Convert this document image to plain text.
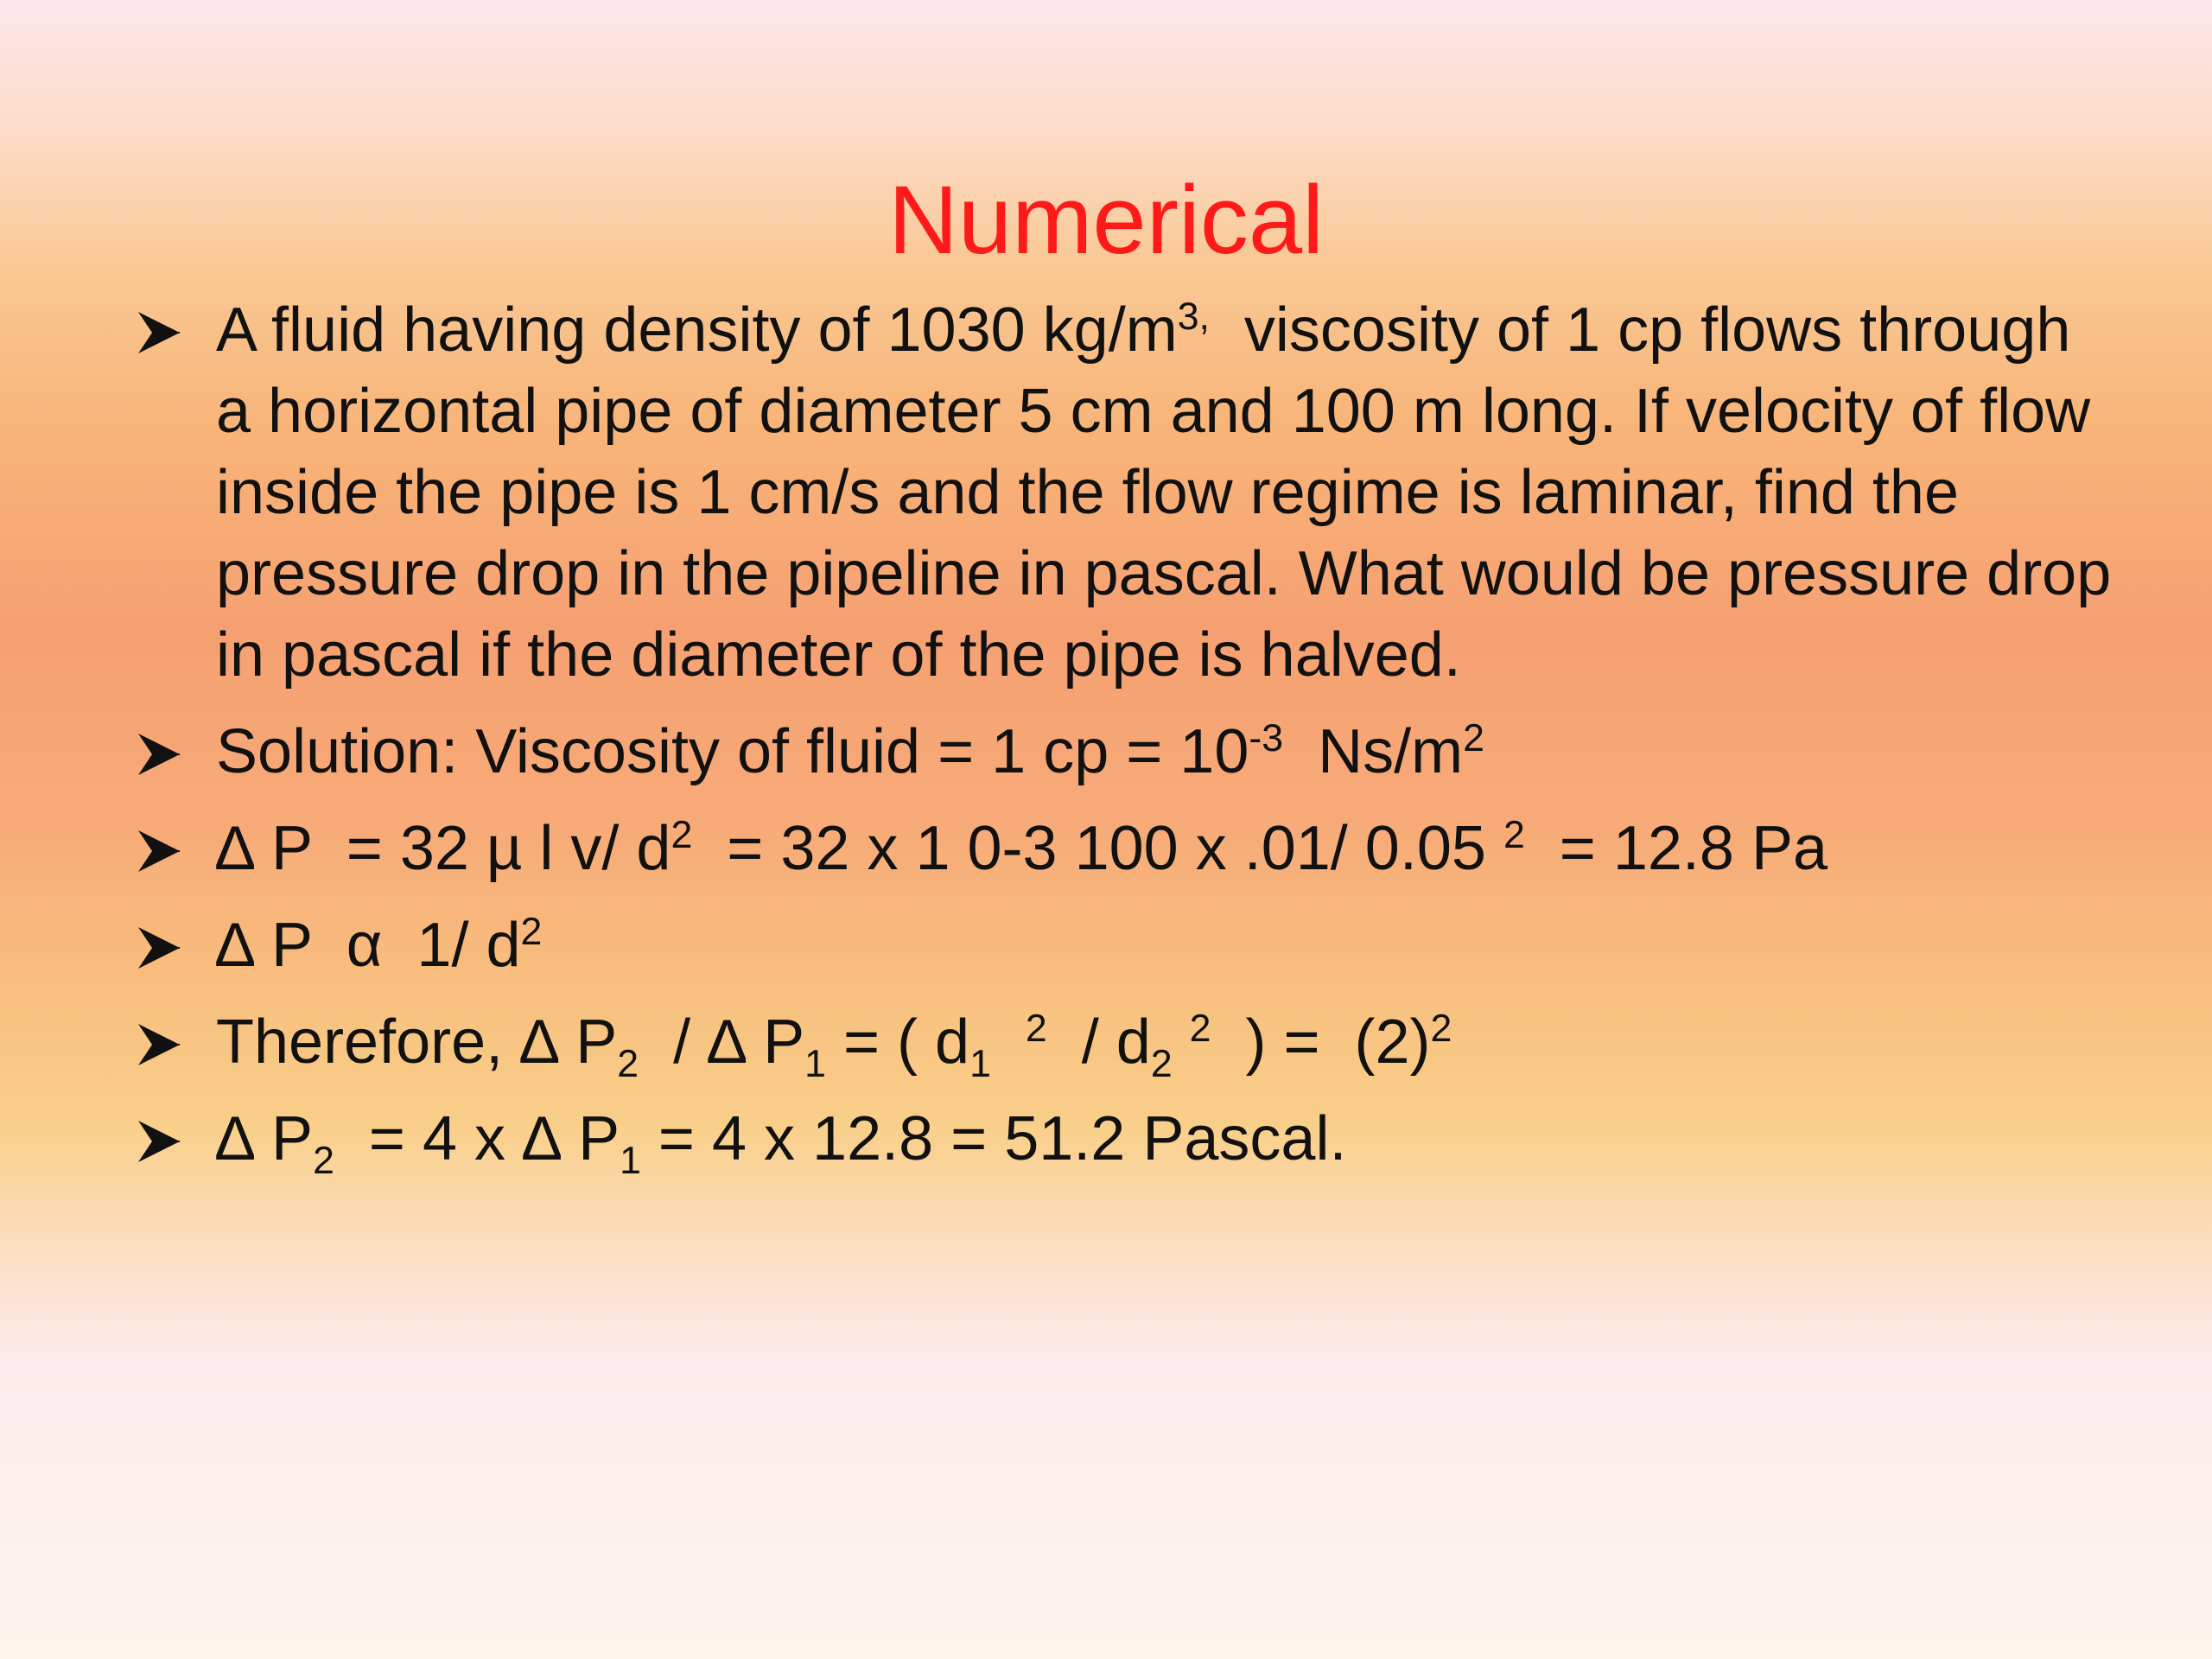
Numerical
A fluid having density of 1030 $kg/m^{3,}$  viscosity of 1 cp flows through a horizontal pipe of diameter 5 cm and 100 m long. If velocity of flow inside the pipe is 1 cm/s and the flow regime is laminar, find the pressure drop in the pipeline in pascal. What would be pressure drop in pascal if the diameter of the pipe is halved.
Solution: Viscosity of fluid = 1 cp = $10^{-3}$  $Ns/m^2$
∆ P  = 32 µ l v/ $d^2 = 32$ x 1 0-3 100 x .01/ 0.05 $^2$  = 12.8 Pa
∆ P  α  1/ $d^2$
Therefore, ∆ $P_2$  / ∆ $P_1$ = ( $d_1$  $^2 / d_2$ $^2$  ) =  $(2)^2$
∆ $P_2 = 4$ x ∆ $P_1 = 4$ x 12.8 = 51.2 Pascal.
